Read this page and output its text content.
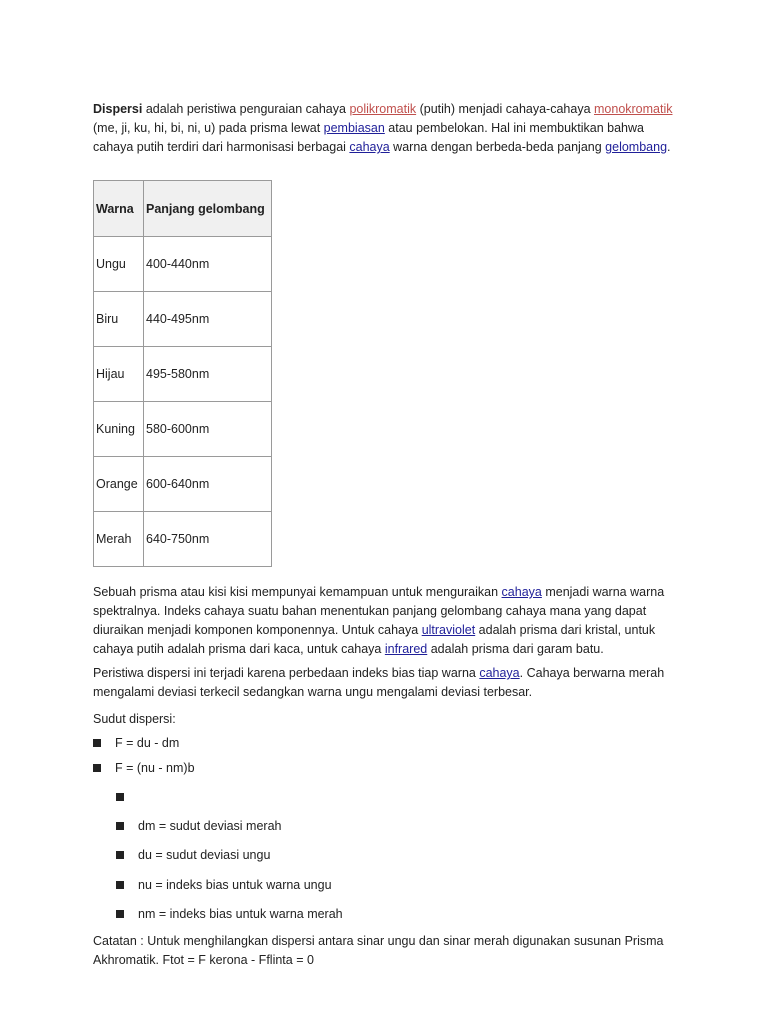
Dispersi adalah peristiwa penguraian cahaya polikromatik (putih) menjadi cahaya-cahaya monokromatik (me, ji, ku, hi, bi, ni, u) pada prisma lewat pembiasan atau pembelokan. Hal ini membuktikan bahwa cahaya putih terdiri dari harmonisasi berbagai cahaya warna dengan berbeda-beda panjang gelombang.

Warna	Panjang gelombang
Ungu	400-440nm
Biru	440-495nm
Hijau	495-580nm
Kuning	580-600nm
Orange	600-640nm
Merah	640-750nm

Sebuah prisma atau kisi kisi mempunyai kemampuan untuk menguraikan cahaya menjadi warna warna spektralnya. Indeks cahaya suatu bahan menentukan panjang gelombang cahaya mana yang dapat diuraikan menjadi komponen komponennya. Untuk cahaya ultraviolet adalah prisma dari kristal, untuk cahaya putih adalah prisma dari kaca, untuk cahaya infrared adalah prisma dari garam batu.

Peristiwa dispersi ini terjadi karena perbedaan indeks bias tiap warna cahaya. Cahaya berwarna merah mengalami deviasi terkecil sedangkan warna ungu mengalami deviasi terbesar.

Sudut dispersi:

F = du - dm
F = (nu - nm)b
dm = sudut deviasi merah
du = sudut deviasi ungu
nu = indeks bias untuk warna ungu
nm = indeks bias untuk warna merah

Catatan : Untuk menghilangkan dispersi antara sinar ungu dan sinar merah digunakan susunan Prisma Akhromatik. Ftot = F kerona - Fflinta = 0
